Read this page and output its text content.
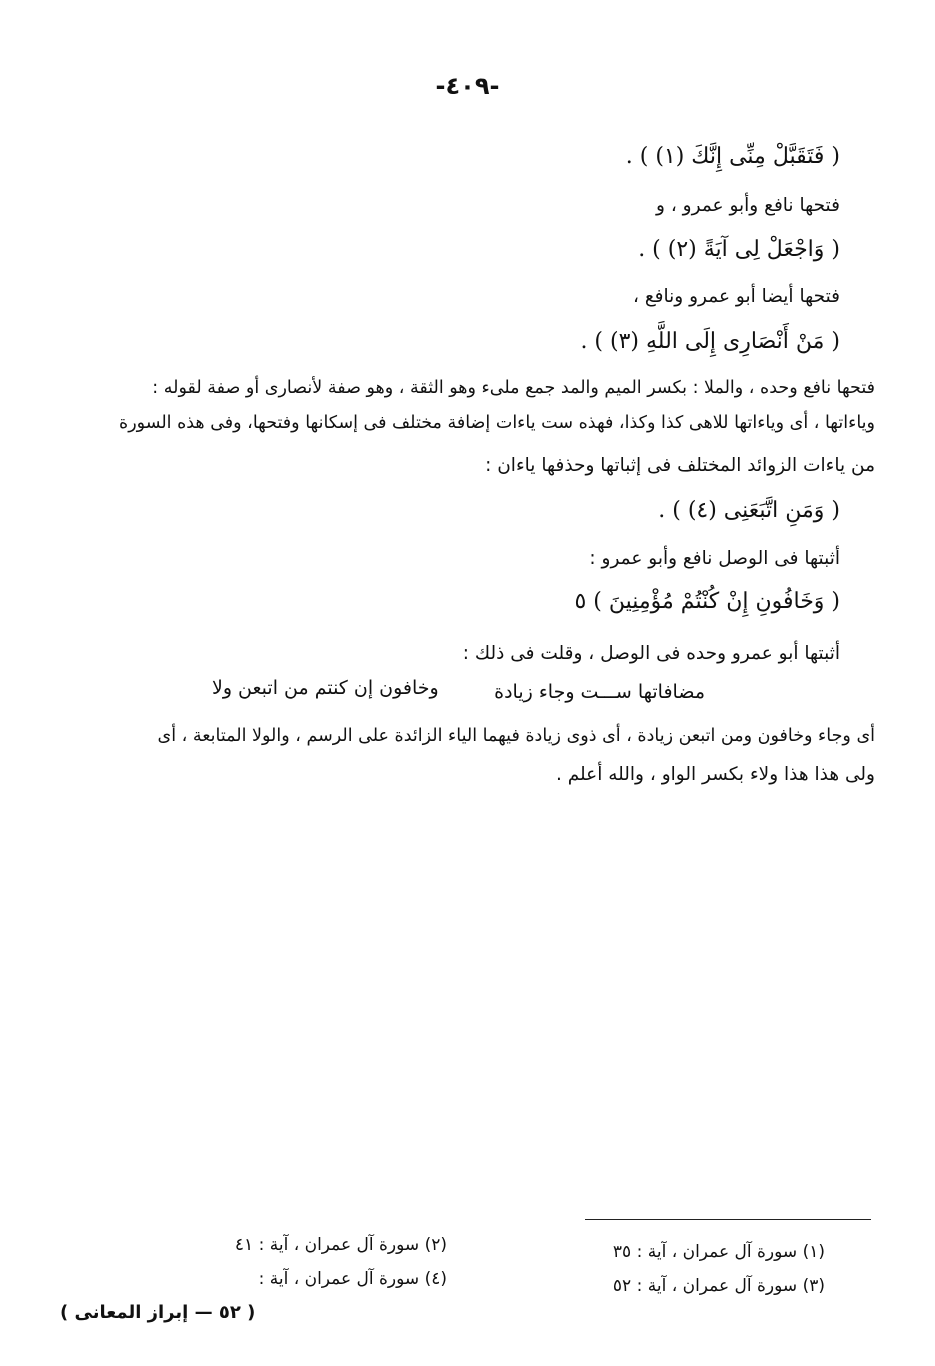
-٤٠٩-
( فَتَقَبَّلْ مِنِّى إِنَّكَ (١) ) .
فتحها نافع وأبو عمرو ، و
( وَاجْعَلْ لِى آيَةً (٢) ) .
فتحها أيضا أبو عمرو ونافع ،
( مَنْ أَنْصَارِى إِلَى اللَّهِ (٣) ) .
فتحها نافع وحده ، والملا : بكسر الميم والمد جمع ملىء وهو الثقة ، وهو صفة لأنصارى أو صفة لقوله :
وياءاتها ، أى وياءاتها للاهى كذا وكذا، فهذه ست ياءات إضافة مختلف فى إسكانها وفتحها، وفى هذه السورة
من ياءات الزوائد المختلف فى إثباتها وحذفها ياءان :
( وَمَنِ اتَّبَعَنِى (٤) ) .
أثبتها فى الوصل نافع وأبو عمرو :
( وَخَافُونِ إِنْ كُنْتُمْ مُؤْمِنِينَ ) ٥
أثبتها أبو عمرو وحده فى الوصل ، وقلت فى ذلك :
مضافاتها ســـت وجاء زيادة
وخافون إن كنتم من اتبعن ولا
أى وجاء وخافون ومن اتبعن زيادة ، أى ذوى زيادة فيهما الياء الزائدة على الرسم ، والولا المتابعة ، أى
ولى هذا هذا ولاء بكسر الواو ، والله أعلم .
(١) سورة آل عمران ، آية : ٣٥
(٢) سورة آل عمران ، آية : ٤١
(٣) سورة آل عمران ، آية : ٥٢
(٤) سورة آل عمران ، آية :
( ٥٢ — إبراز المعانى )
